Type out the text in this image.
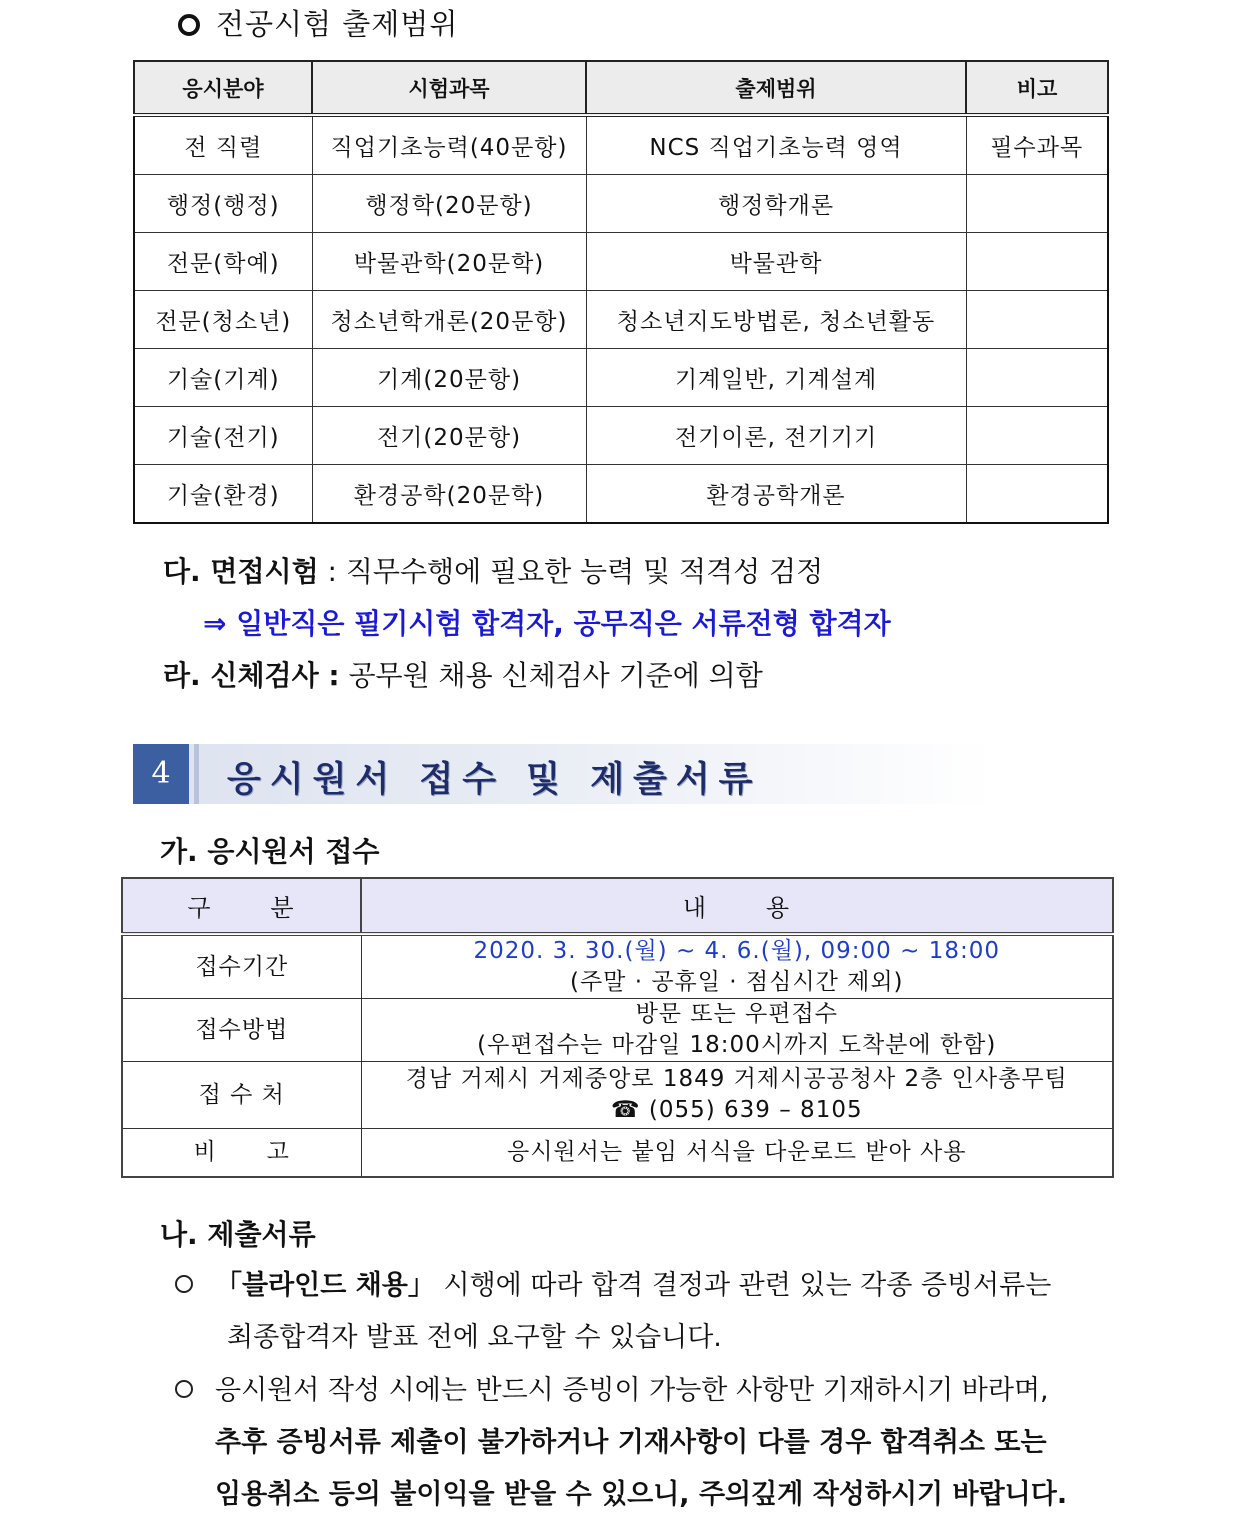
전공시험 출제범위
응시분야	시험과목	출제범위	비고
전 직렬	직업기초능력(40문항)	NCS 직업기초능력 영역	필수과목
행정(행정)	행정학(20문항)	행정학개론	
전문(학예)	박물관학(20문학)	박물관학	
전문(청소년)	청소년학개론(20문항)	청소년지도방법론, 청소년활동	
기술(기계)	기계(20문항)	기계일반, 기계설계	
기술(전기)	전기(20문항)	전기이론, 전기기기	
기술(환경)	환경공학(20문학)	환경공학개론	
다. 면접시험 : 직무수행에 필요한 능력 및 적격성 검정
⇒ 일반직은 필기시험 합격자, 공무직은 서류전형 합격자
라. 신체검사 : 공무원 채용 신체검사 기준에 의함
4	응시원서 접수 및 제출서류
가. 응시원서 접수
구      분	내      용
접수기간	2020. 3. 30.(월) ~ 4. 6.(월), 09:00 ~ 18:00
(주말 · 공휴일 · 점심시간 제외)

접수방법	방문 또는 우편접수
(우편접수는 마감일 18:00시까지 도착분에 한함)

접 수 처	경남 거제시 거제중앙로 1849 거제시공공청사 2층 인사총무팀
☎ (055) 639 – 8105

비      고	응시원서는 붙임 서식을 다운로드 받아 사용
나. 제출서류
「블라인드 채용」 시행에 따라 합격 결정과 관련 있는 각종 증빙서류는
최종합격자 발표 전에 요구할 수 있습니다.
응시원서 작성 시에는 반드시 증빙이 가능한 사항만 기재하시기 바라며,
추후 증빙서류 제출이 불가하거나 기재사항이 다를 경우 합격취소 또는
임용취소 등의 불이익을 받을 수 있으니, 주의깊게 작성하시기 바랍니다.
